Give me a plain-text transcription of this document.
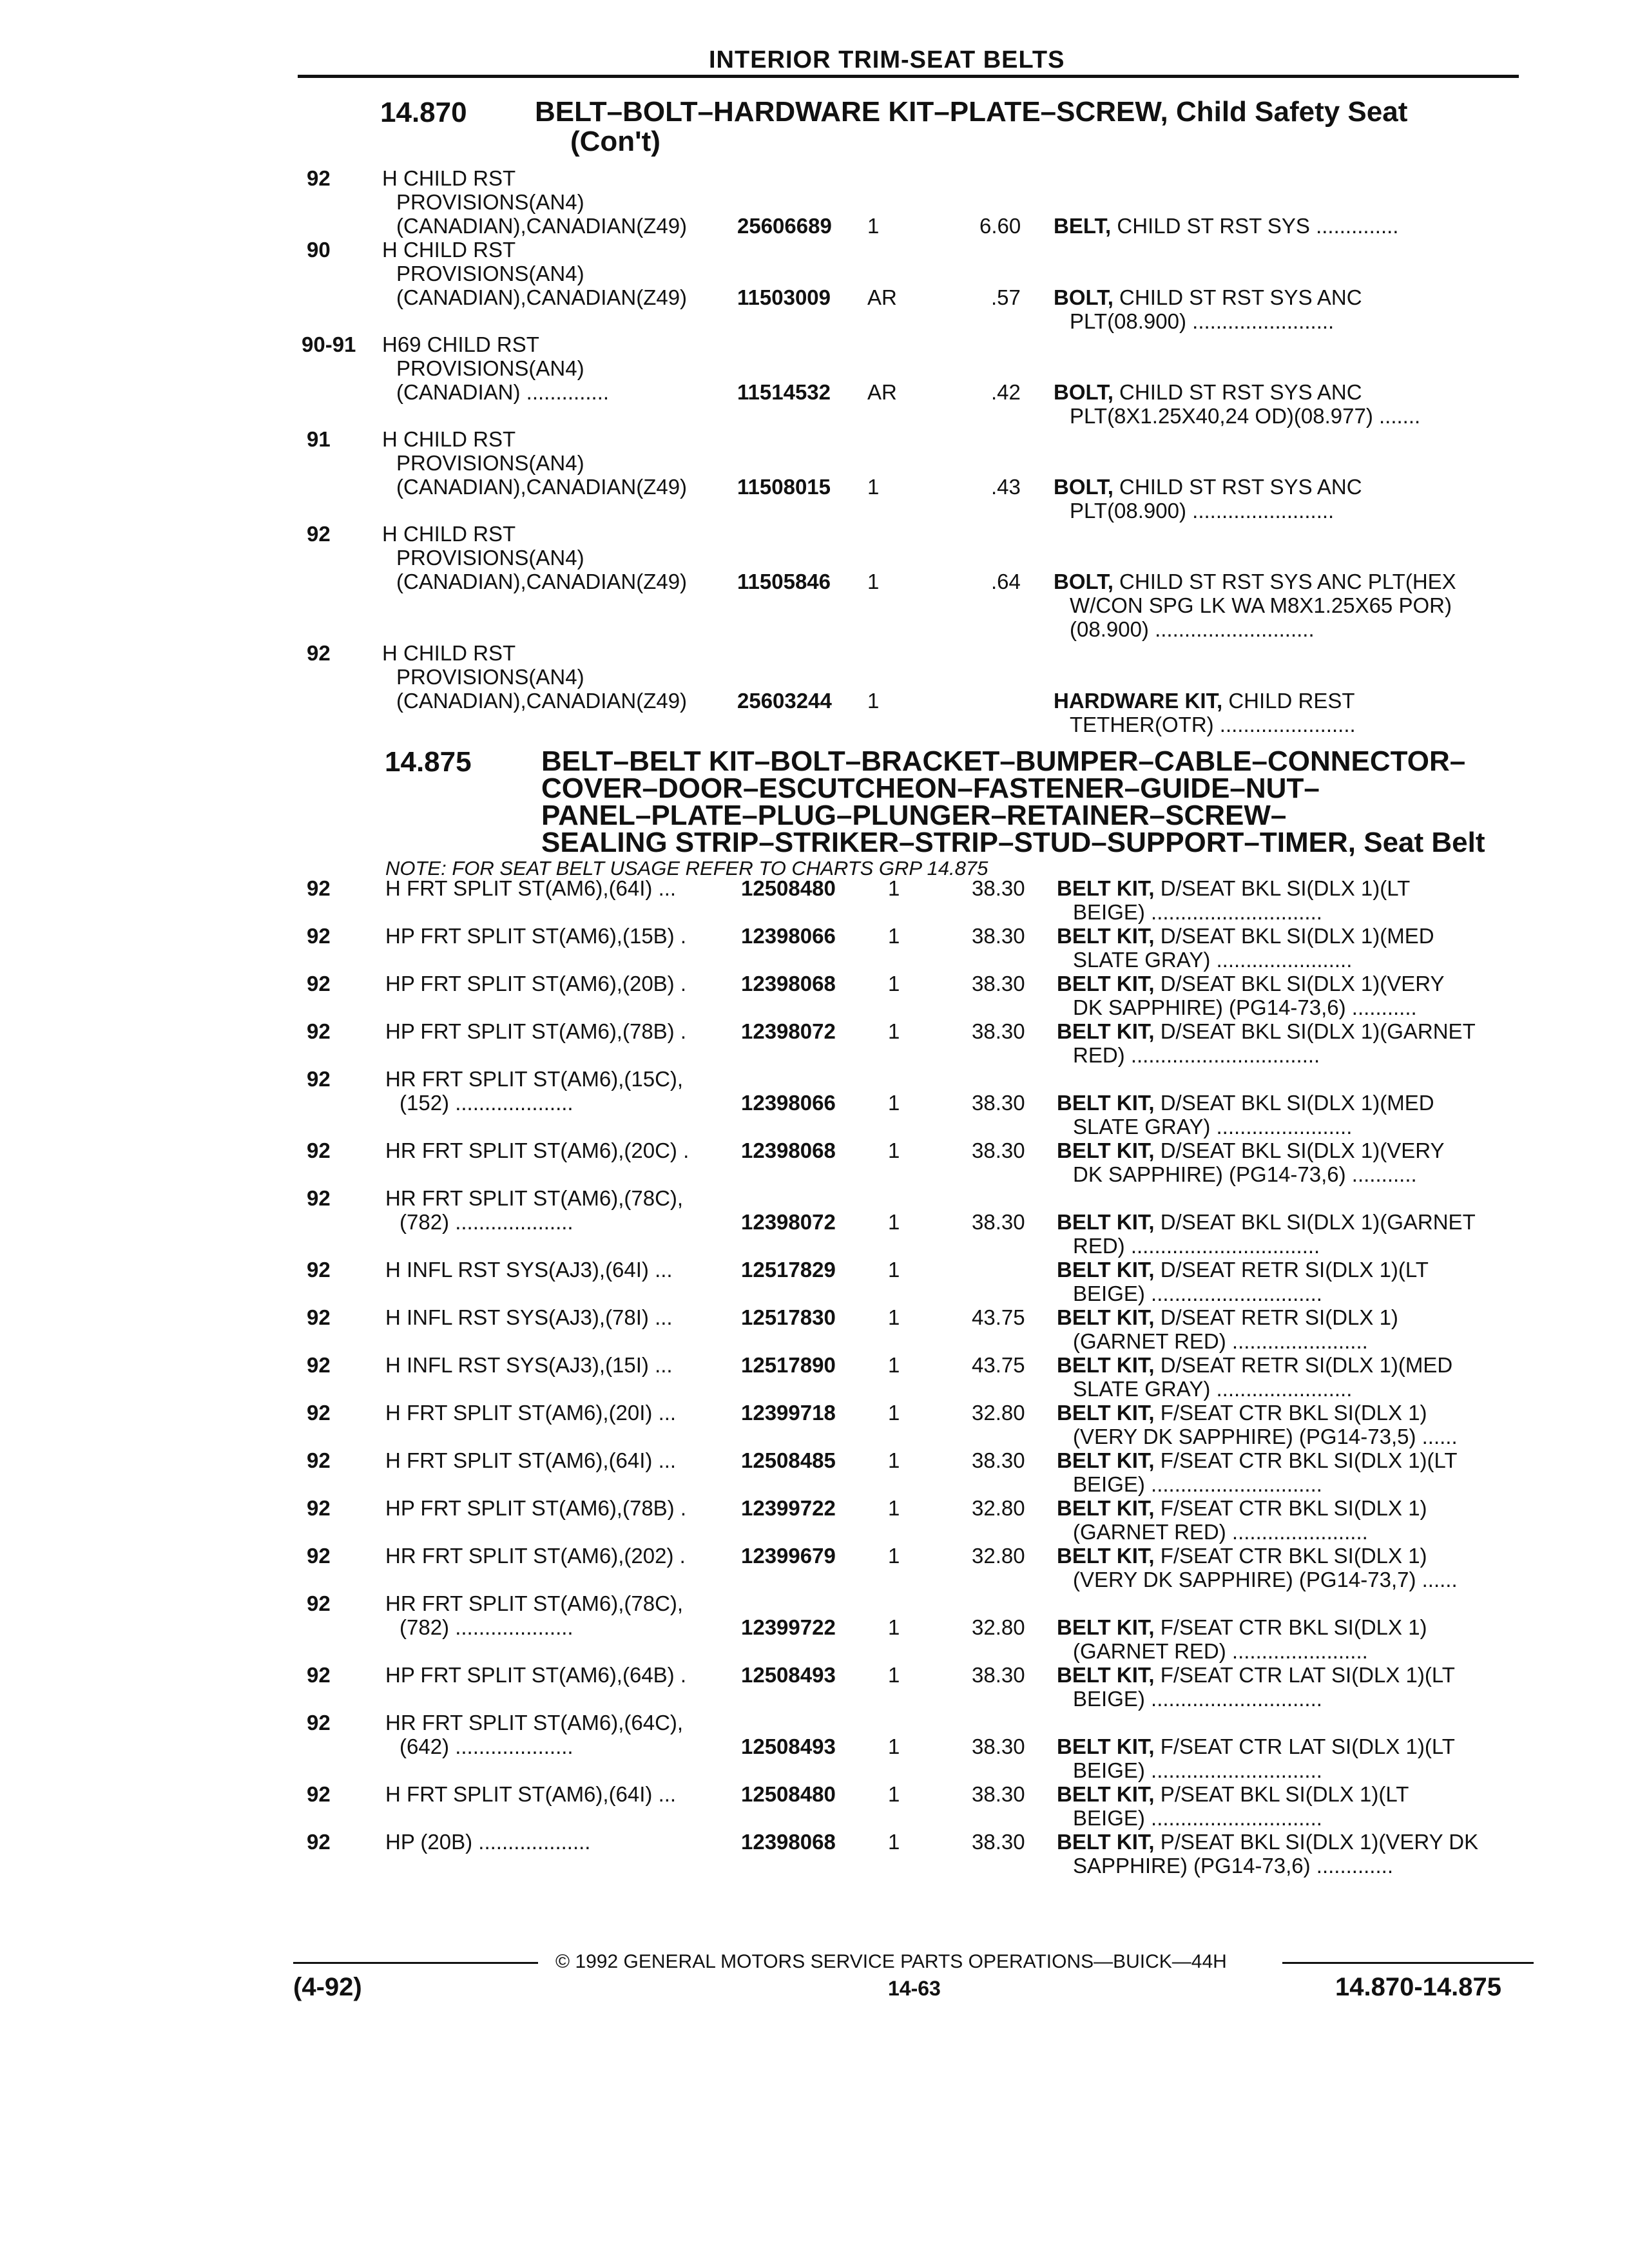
INTERIOR TRIM-SEAT BELTS
14.870 BELT–BOLT–HARDWARE KIT–PLATE–SCREW, Child Safety Seat
(Con't)
92 H CHILD RST
PROVISIONS(AN4)
(CANADIAN),CANADIAN(Z49) 25606689 1	6.60 BELT, CHILD ST RST SYS ..............
90 H CHILD RST
PROVISIONS(AN4)
(CANADIAN),CANADIAN(Z49) 11503009 AR	.57 BOLT, CHILD ST RST SYS ANC
PLT(08.900) ........................
90-91 H69 CHILD RST
PROVISIONS(AN4)
(CANADIAN) ..............	11514532 AR	.42 BOLT, CHILD ST RST SYS ANC
PLT(8X1.25X40,24 OD)(08.977) .......
91 H CHILD RST
PROVISIONS(AN4)
(CANADIAN),CANADIAN(Z49) 11508015 1	.43 BOLT, CHILD ST RST SYS ANC
PLT(08.900) ........................
92 H CHILD RST
PROVISIONS(AN4)
(CANADIAN),CANADIAN(Z49) 11505846 1	.64 BOLT, CHILD ST RST SYS ANC PLT(HEX
W/CON SPG LK WA M8X1.25X65 POR)
(08.900) ...........................
92 H CHILD RST
PROVISIONS(AN4)
(CANADIAN),CANADIAN(Z49) 25603244 1	HARDWARE KIT, CHILD REST
TETHER(OTR) .......................
14.875 BELT–BELT KIT–BOLT–BRACKET–BUMPER–CABLE–CONNECTOR–
COVER–DOOR–ESCUTCHEON–FASTENER–GUIDE–NUT–
PANEL–PLATE–PLUG–PLUNGER–RETAINER–SCREW–
SEALING STRIP–STRIKER–STRIP–STUD–SUPPORT–TIMER, Seat Belt
NOTE: FOR SEAT BELT USAGE REFER TO CHARTS GRP 14.875
92	H FRT SPLIT ST(AM6),(64I) ...	12508480 1	38.30 BELT KIT, D/SEAT BKL SI(DLX 1)(LT
BEIGE) .............................
92	HP FRT SPLIT ST(AM6),(15B) .	12398066 1	38.30 BELT KIT, D/SEAT BKL SI(DLX 1)(MED
SLATE GRAY) .......................
92	HP FRT SPLIT ST(AM6),(20B) .	12398068 1	38.30 BELT KIT, D/SEAT BKL SI(DLX 1)(VERY
DK SAPPHIRE) (PG14-73,6) ...........
92	HP FRT SPLIT ST(AM6),(78B) .	12398072 1	38.30 BELT KIT, D/SEAT BKL SI(DLX 1)(GARNET
RED) ................................
92	HR FRT SPLIT ST(AM6),(15C),
(152) ....................	12398066 1	38.30 BELT KIT, D/SEAT BKL SI(DLX 1)(MED
SLATE GRAY) .......................
92	HR FRT SPLIT ST(AM6),(20C) . 12398068 1	38.30 BELT KIT, D/SEAT BKL SI(DLX 1)(VERY
DK SAPPHIRE) (PG14-73,6) ...........
92	HR FRT SPLIT ST(AM6),(78C),
(782) ....................	12398072 1	38.30 BELT KIT, D/SEAT BKL SI(DLX 1)(GARNET
RED) ................................
92	H INFL RST SYS(AJ3),(64I) ...	12517829 1	BELT KIT, D/SEAT RETR SI(DLX 1)(LT
BEIGE) .............................
92	H INFL RST SYS(AJ3),(78I) ...	12517830 1	43.75 BELT KIT, D/SEAT RETR SI(DLX 1)
(GARNET RED) .......................
92	H INFL RST SYS(AJ3),(15I) ...	12517890 1	43.75 BELT KIT, D/SEAT RETR SI(DLX 1)(MED
SLATE GRAY) .......................
92	H FRT SPLIT ST(AM6),(20I) ...	12399718 1	32.80 BELT KIT, F/SEAT CTR BKL SI(DLX 1)
(VERY DK SAPPHIRE) (PG14-73,5) ......
92	H FRT SPLIT ST(AM6),(64I) ...	12508485 1	38.30 BELT KIT, F/SEAT CTR BKL SI(DLX 1)(LT
BEIGE) .............................
92	HP FRT SPLIT ST(AM6),(78B) .	12399722 1	32.80 BELT KIT, F/SEAT CTR BKL SI(DLX 1)
(GARNET RED) .......................
92	HR FRT SPLIT ST(AM6),(202) .	12399679 1	32.80 BELT KIT, F/SEAT CTR BKL SI(DLX 1)
(VERY DK SAPPHIRE) (PG14-73,7) ......
92	HR FRT SPLIT ST(AM6),(78C),
(782) ....................	12399722 1	32.80 BELT KIT, F/SEAT CTR BKL SI(DLX 1)
(GARNET RED) .......................
92	HP FRT SPLIT ST(AM6),(64B) .	12508493 1	38.30 BELT KIT, F/SEAT CTR LAT SI(DLX 1)(LT
BEIGE) .............................
92	HR FRT SPLIT ST(AM6),(64C),
(642) ....................	12508493 1	38.30 BELT KIT, F/SEAT CTR LAT SI(DLX 1)(LT
BEIGE) .............................
92	H FRT SPLIT ST(AM6),(64I) ...	12508480 1	38.30 BELT KIT, P/SEAT BKL SI(DLX 1)(LT
BEIGE) .............................
92	HP (20B) ...................	12398068 1	38.30 BELT KIT, P/SEAT BKL SI(DLX 1)(VERY DK
SAPPHIRE) (PG14-73,6) .............
© 1992 GENERAL MOTORS SERVICE PARTS OPERATIONS—BUICK—44H
(4-92)	14-63	14.870-14.875
